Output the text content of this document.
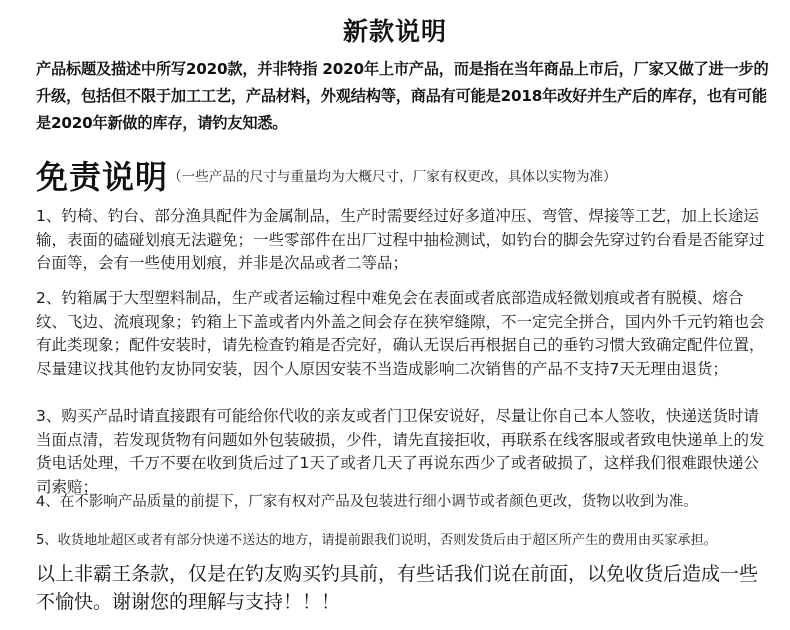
新款说明
产品标题及描述中所写2020款，并非特指 2020年上市产品，而是指在当年商品上市后，厂家又做了进一步的升级，包括但不限于加工工艺，产品材料，外观结构等，商品有可能是2018年改好并生产后的库存，也有可能是2020年新做的库存，请钓友知悉。
免责说明（一些产品的尺寸与重量均为大概尺寸，厂家有权更改，具体以实物为准）
1、钓椅、钓台、部分渔具配件为金属制品，生产时需要经过好多道冲压、弯管、焊接等工艺，加上长途运输，表面的磕碰划痕无法避免；一些零部件在出厂过程中抽检测试，如钓台的脚会先穿过钓台看是否能穿过台面等，会有一些使用划痕，并非是次品或者二等品；
2、钓箱属于大型塑料制品，生产或者运输过程中难免会在表面或者底部造成轻微划痕或者有脱模、熔合纹、飞边、流痕现象；钓箱上下盖或者内外盖之间会存在狭窄缝隙，不一定完全拼合，国内外千元钓箱也会有此类现象；配件安装时，请先检查钓箱是否完好，确认无误后再根据自己的垂钓习惯大致确定配件位置，尽量建议找其他钓友协同安装，因个人原因安装不当造成影响二次销售的产品不支持7天无理由退货；
3、购买产品时请直接跟有可能给你代收的亲友或者门卫保安说好，尽量让你自己本人签收，快递送货时请当面点清，若发现货物有问题如外包装破损，少件，请先直接拒收，再联系在线客服或者致电快递单上的发货电话处理，千万不要在收到货后过了1天了或者几天了再说东西少了或者破损了，这样我们很难跟快递公司索赔；
4、在不影响产品质量的前提下，厂家有权对产品及包装进行细小调节或者颜色更改，货物以收到为准。
5、收货地址超区或者有部分快递不送达的地方，请提前跟我们说明，否则发货后由于超区所产生的费用由买家承担。
以上非霸王条款，仅是在钓友购买钓具前，有些话我们说在前面，以免收货后造成一些不愉快。谢谢您的理解与支持！！！
